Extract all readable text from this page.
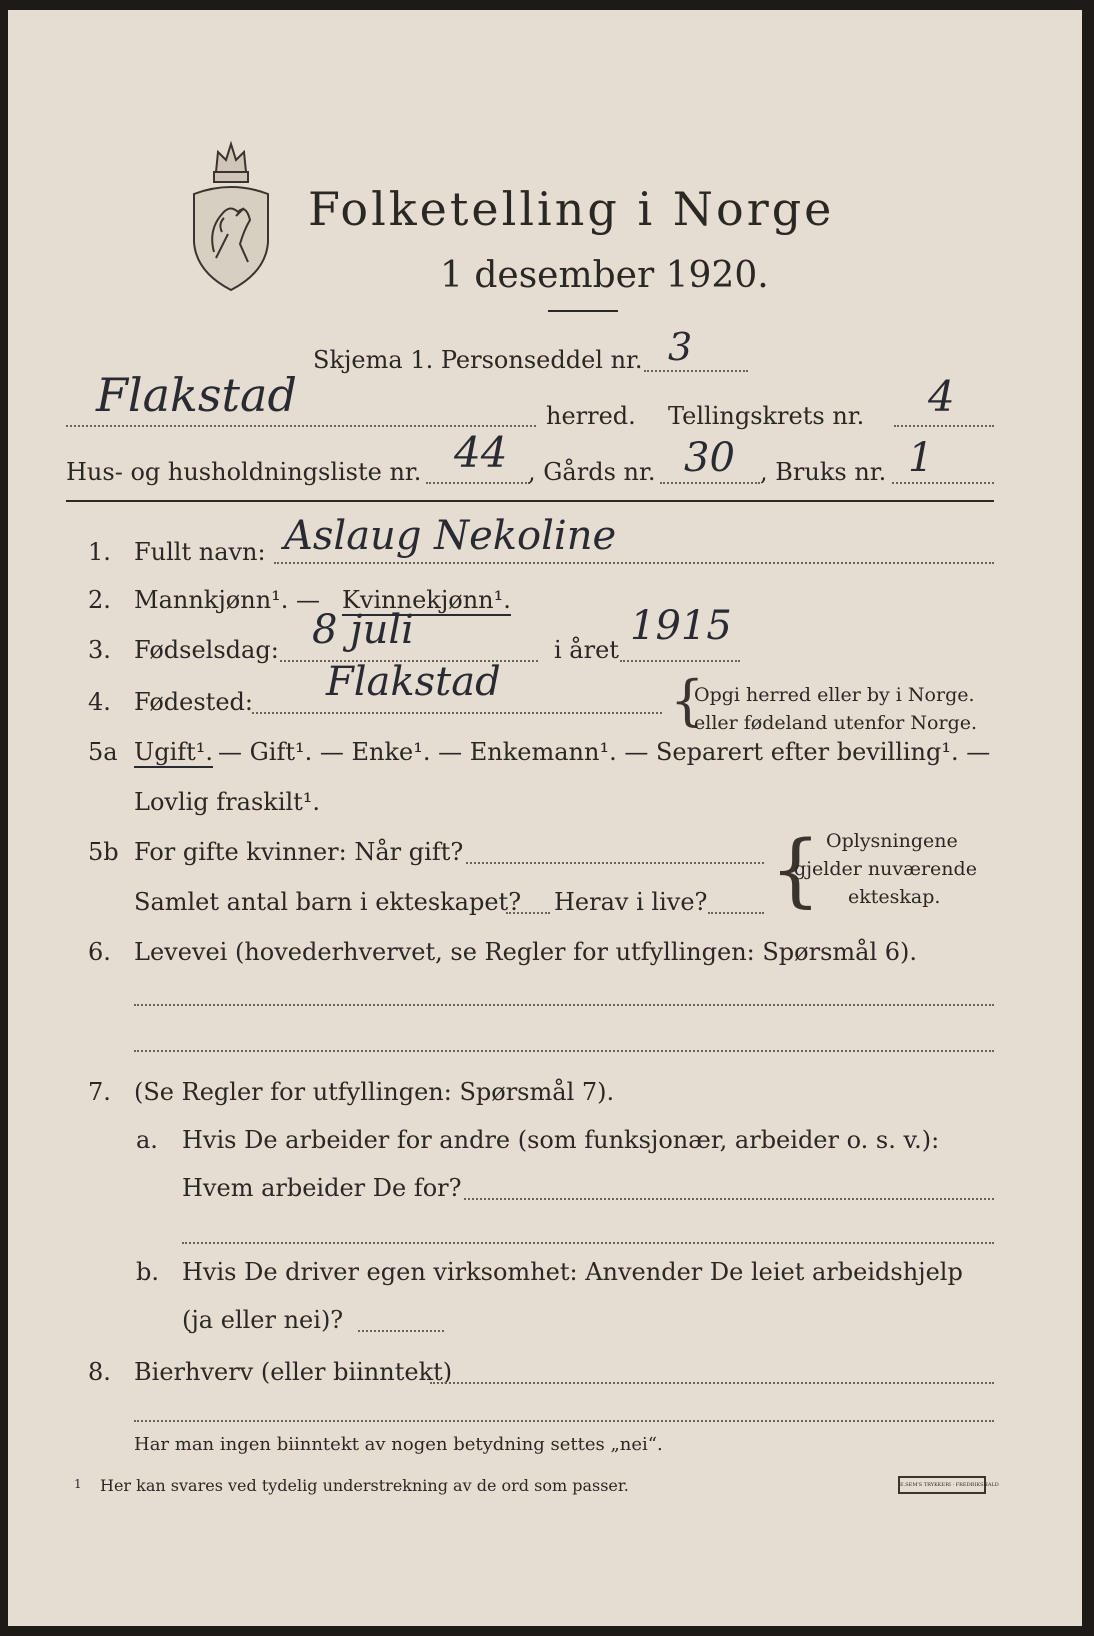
Folketelling i Norge
1 desember 1920.
Skjema 1. Personseddel nr. 3
Flakstad	herred. Tellingskrets nr. 4
Hus- og husholdningsliste nr. 44 , Gårds nr. 30 , Bruks nr. 1
1. Fullt navn: Aslaug Nekoline
2. Mannkjønn¹. — Kvinnekjønn¹.
3. Fødselsdag: 8 juli	i året
1915
4. Fødested: Flakstad	{
Opgi herred eller by i Norge.
eller fødeland utenfor Norge.
5a Ugift¹. — Gift¹. — Enke¹. — Enkemann¹. — Separert efter bevilling¹. —
Lovlig fraskilt¹.
5b For gifte kvinner: Når gift?
Samlet antal barn i ekteskapet? Herav i live? { Oplysningene
gjelder nuværende
ekteskap.
6. Levevei (hovederhvervet, se Regler for utfyllingen: Spørsmål 6).
7. (Se Regler for utfyllingen: Spørsmål 7).
a. Hvis De arbeider for andre (som funksjonær, arbeider o. s. v.):
Hvem arbeider De for?
b. Hvis De driver egen virksomhet: Anvender De leiet arbeidshjelp
(ja eller nei)?
8. Bierhverv (eller biinntekt)
Har man ingen biinntekt av nogen betydning settes „nei“.
1 Her kan svares ved tydelig understrekning av de ord som passer.	E.SEM'S TRYKKERI · FREDRIKSHALD
